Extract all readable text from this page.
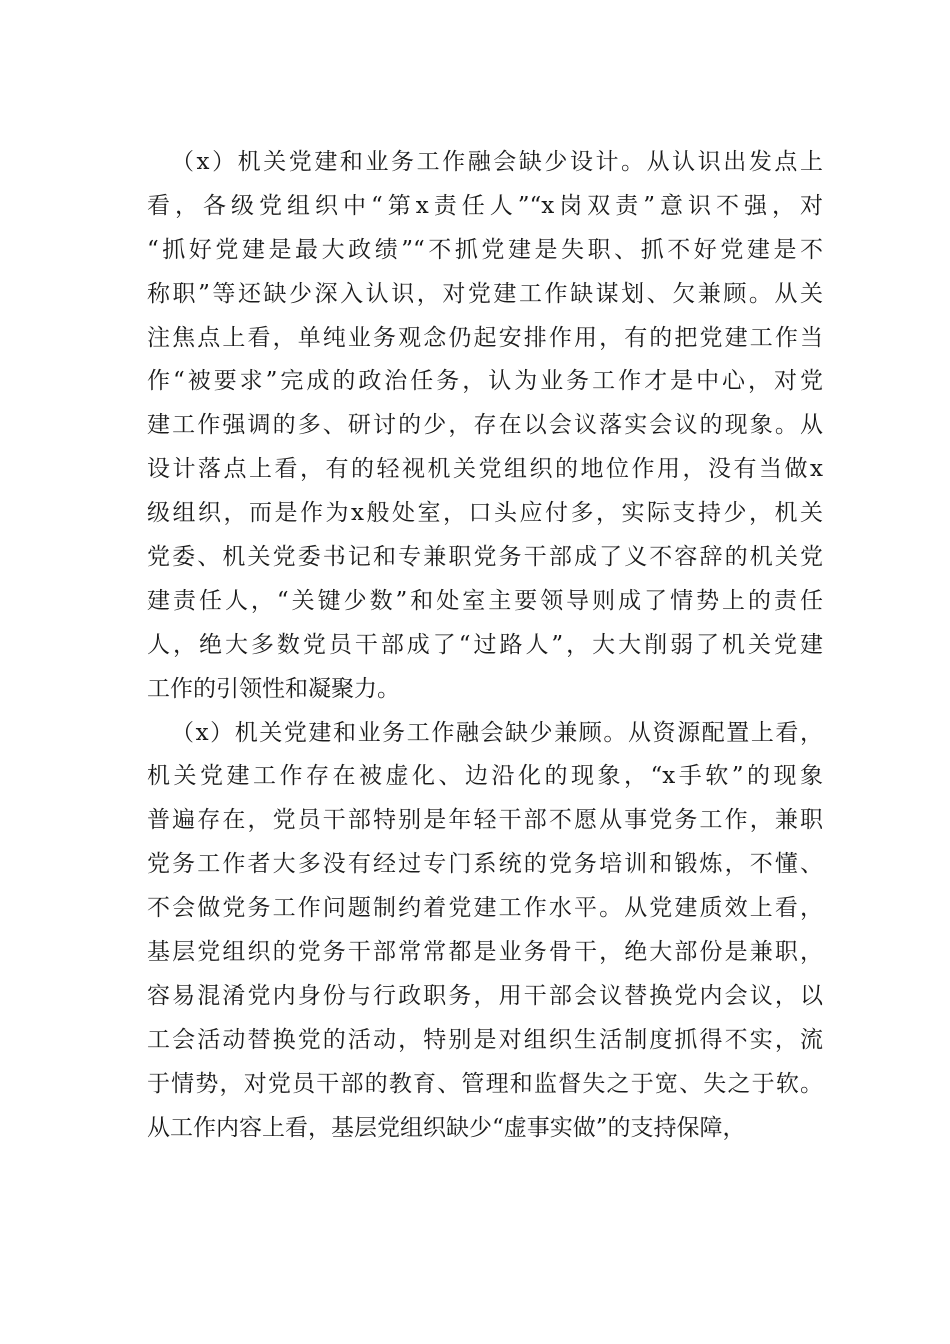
（x）机关党建和业务工作融会缺少设计。从认识出发点上
看，各级党组织中“第x责任人”“x岗双责”意识不强，对
“抓好党建是最大政绩”“不抓党建是失职、抓不好党建是不
称职”等还缺少深入认识，对党建工作缺谋划、欠兼顾。从关
注焦点上看，单纯业务观念仍起安排作用，有的把党建工作当
作“被要求”完成的政治任务，认为业务工作才是中心，对党
建工作强调的多、研讨的少，存在以会议落实会议的现象。从
设计落点上看，有的轻视机关党组织的地位作用，没有当做x
级组织，而是作为x般处室，口头应付多，实际支持少，机关
党委、机关党委书记和专兼职党务干部成了义不容辞的机关党
建责任人，“关键少数”和处室主要领导则成了情势上的责任
人，绝大多数党员干部成了“过路人”，大大削弱了机关党建
工作的引领性和凝聚力。
（x）机关党建和业务工作融会缺少兼顾。从资源配置上看，
机关党建工作存在被虚化、边沿化的现象，“x手软”的现象
普遍存在，党员干部特别是年轻干部不愿从事党务工作，兼职
党务工作者大多没有经过专门系统的党务培训和锻炼，不懂、
不会做党务工作问题制约着党建工作水平。从党建质效上看，
基层党组织的党务干部常常都是业务骨干，绝大部份是兼职，
容易混淆党内身份与行政职务，用干部会议替换党内会议，以
工会活动替换党的活动，特别是对组织生活制度抓得不实，流
于情势，对党员干部的教育、管理和监督失之于宽、失之于软。
从工作内容上看，基层党组织缺少“虚事实做”的支持保障，
